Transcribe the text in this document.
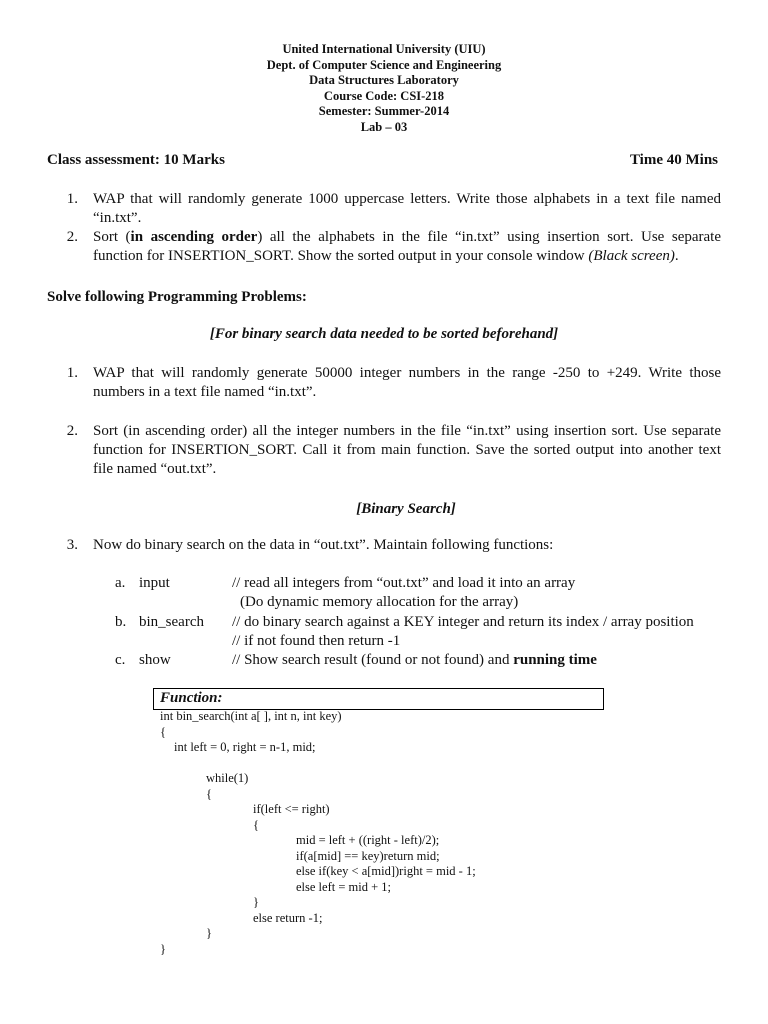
United International University (UIU)
Dept. of Computer Science and Engineering
Data Structures Laboratory
Course Code: CSI-218
Semester: Summer-2014
Lab – 03
Class assessment: 10 Marks	Time 40 Mins
1. WAP that will randomly generate 1000 uppercase letters. Write those alphabets in a text file named
“in.txt”.
2. Sort (in ascending order) all the alphabets in the file “in.txt” using insertion sort. Use separate
function for INSERTION_SORT. Show the sorted output in your console window (Black screen).
Solve following Programming Problems:
[For binary search data needed to be sorted beforehand]
1. WAP that will randomly generate 50000 integer numbers in the range -250 to +249. Write those
numbers in a text file named “in.txt”.
2. Sort (in ascending order) all the integer numbers in the file “in.txt” using insertion sort. Use separate
function for INSERTION_SORT. Call it from main function. Save the sorted output into another text
file named “out.txt”.
[Binary Search]
3. Now do binary search on the data in “out.txt”. Maintain following functions:
a. input	// read all integers from “out.txt” and load it into an array
(Do dynamic memory allocation for the array)
b. bin_search // do binary search against a KEY integer and return its index / array position
// if not found then return -1
c. show	// Show search result (found or not found) and running time
Function:
int bin_search(int a[ ], int n, int key)
{
int left = 0, right = n-1, mid;
while(1)
{
if(left <= right)
{
mid = left + ((right - left)/2);
if(a[mid] == key)return mid;
else if(key < a[mid])right = mid - 1;
else left = mid + 1;
}
else return -1;
}
}
